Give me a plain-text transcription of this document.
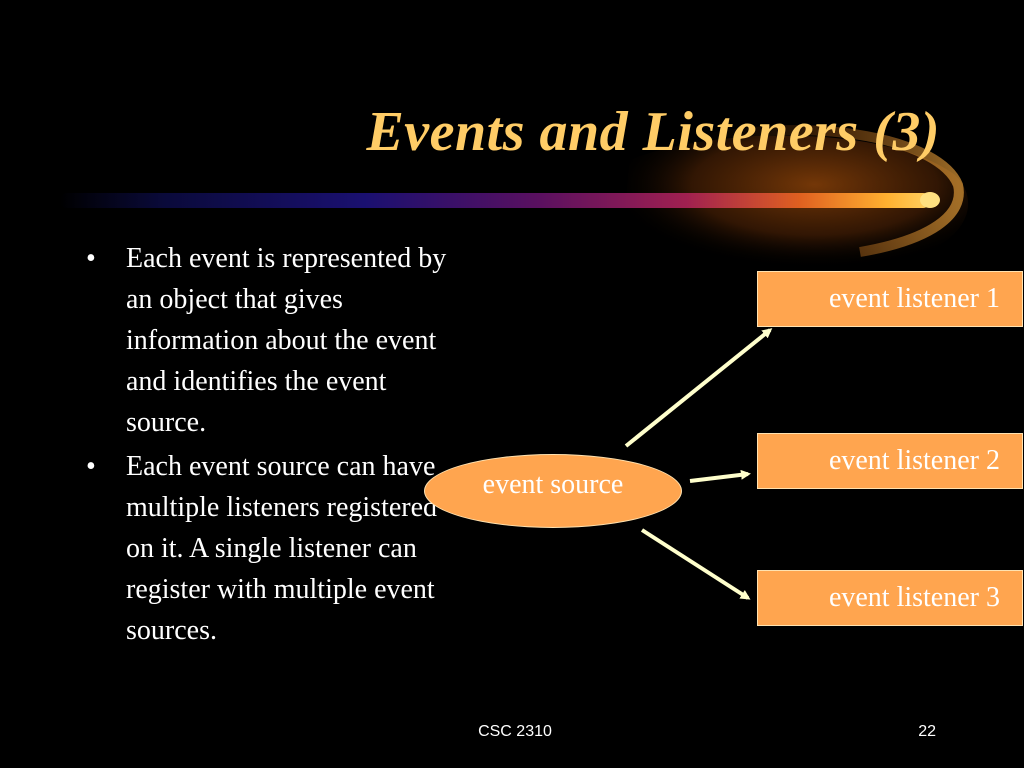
Events and Listeners (3)
•	Each event is represented by an object that gives information about the event and identifies the event source.
•	Each event source can have multiple listeners registered on it. A single listener can register with multiple event sources.
event source
event listener 1
event listener 2
event listener 3
CSC 2310	22
